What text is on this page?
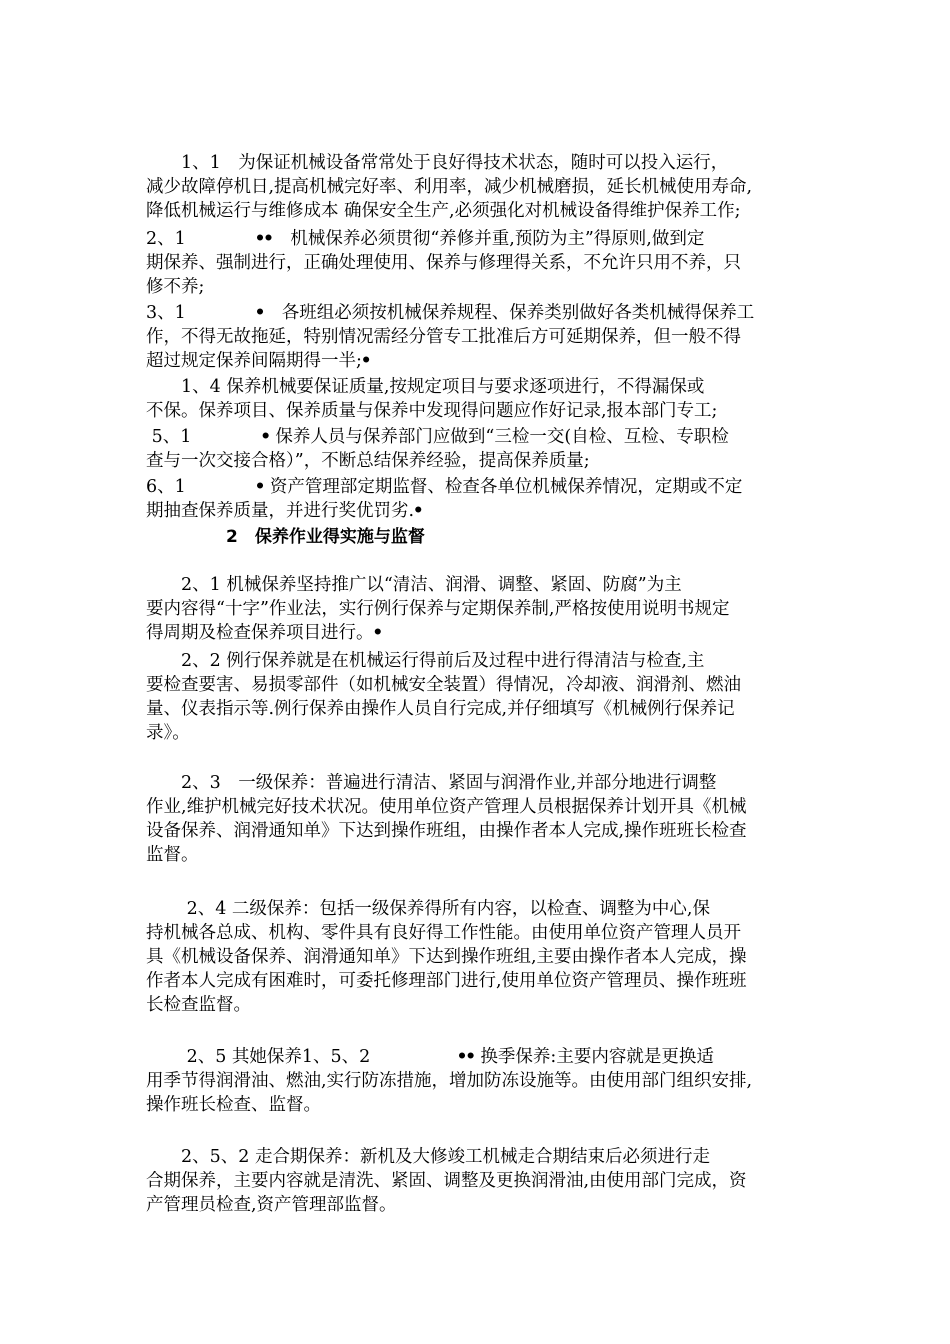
　　1、1　为保证机械设备常常处于良好得技术状态，随时可以投入运行，
减少故障停机日,提高机械完好率、利用率，减少机械磨损，延长机械使用寿命,
降低机械运行与维修成本 确保安全生产,必须强化对机械设备得维护保养工作;
2、1　　　　ꔷꔷ　机械保养必须贯彻“养修并重,预防为主”得原则,做到定
期保养、强制进行，正确处理使用、保养与修理得关系，不允许只用不养，只
修不养;
3、1　　　　ꔷ　各班组必须按机械保养规程、保养类别做好各类机械得保养工
作，不得无故拖延，特别情况需经分管专工批准后方可延期保养，但一般不得
超过规定保养间隔期得一半;ꔷ
　　1、4 保养机械要保证质量,按规定项目与要求逐项进行，不得漏保或
不保。保养项目、保养质量与保养中发现得问题应作好记录,报本部门专工;
5、1　　　　ꔷ 保养人员与保养部门应做到“三检一交(自检、互检、专职检
查与一次交接合格）”，不断总结保养经验，提高保养质量;
6、1　　　　ꔷ 资产管理部定期监督、检查各单位机械保养情况，定期或不定
期抽查保养质量，并进行奖优罚劣.ꔷ
2　保养作业得实施与监督
　　2、1 机械保养坚持推广以“清洁、润滑、调整、紧固、防腐”为主
要内容得“十字”作业法，实行例行保养与定期保养制,严格按使用说明书规定
得周期及检查保养项目进行。ꔷ
　　2、2 例行保养就是在机械运行得前后及过程中进行得清洁与检查,主
要检查要害、易损零部件（如机械安全装置）得情况，冷却液、润滑剂、燃油
量、仪表指示等.例行保养由操作人员自行完成,并仔细填写《机械例行保养记
录》。
　　2、3　一级保养：普遍进行清洁、紧固与润滑作业,并部分地进行调整
作业,维护机械完好技术状况。使用单位资产管理人员根据保养计划开具《机械
设备保养、润滑通知单》下达到操作班组，由操作者本人完成,操作班班长检查
监督。
　　 2、4 二级保养：包括一级保养得所有内容，以检查、调整为中心,保
持机械各总成、机构、零件具有良好得工作性能。由使用单位资产管理人员开
具《机械设备保养、润滑通知单》下达到操作班组,主要由操作者本人完成，操
作者本人完成有困难时，可委托修理部门进行,使用单位资产管理员、操作班班
长检查监督。
　　 2、5 其她保养1、5、2　　　　　ꔷꔷ 换季保养:主要内容就是更换适
用季节得润滑油、燃油,实行防冻措施，增加防冻设施等。由使用部门组织安排,
操作班长检查、监督。
　　2、5、2 走合期保养：新机及大修竣工机械走合期结束后必须进行走
合期保养，主要内容就是清洗、紧固、调整及更换润滑油,由使用部门完成，资
产管理员检查,资产管理部监督。
